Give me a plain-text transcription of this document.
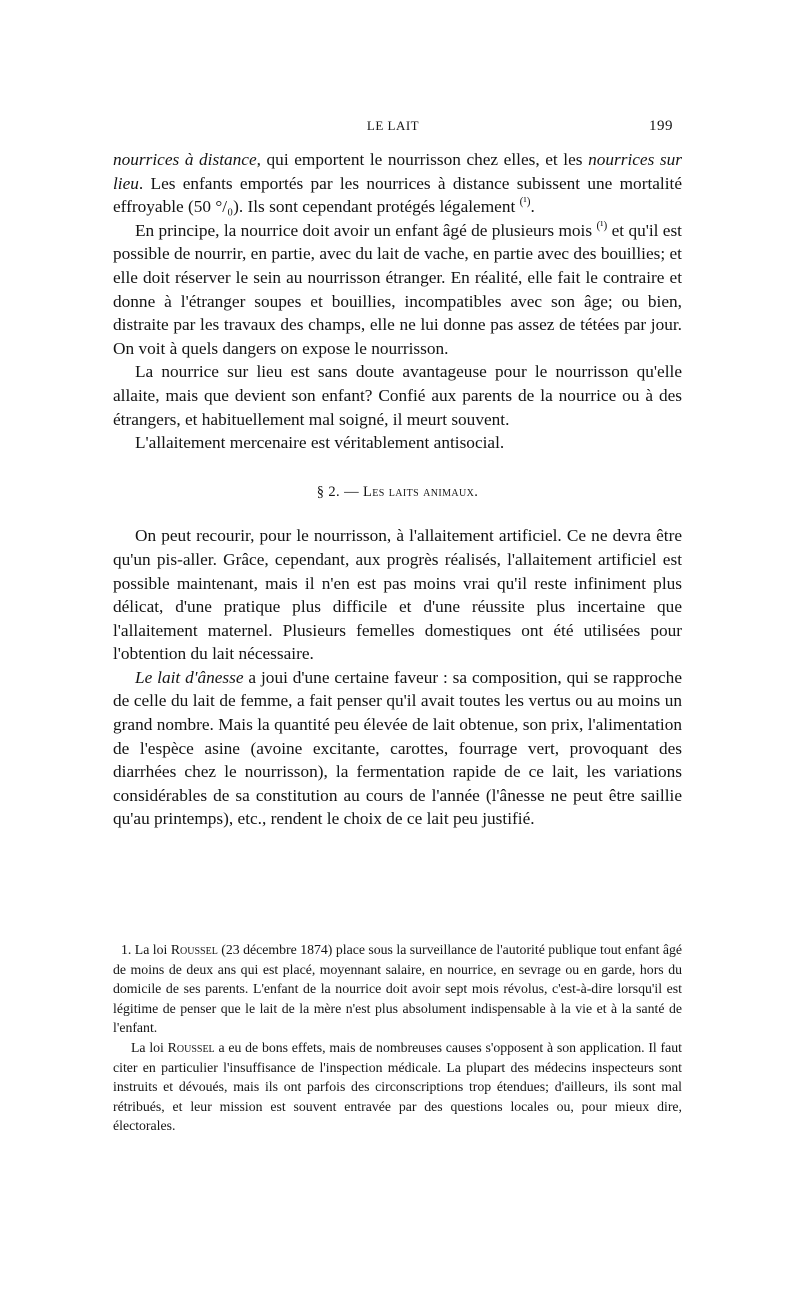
LE LAIT	199

nourrices à distance, qui emportent le nourrisson chez elles, et les nourrices sur lieu. Les enfants emportés par les nourrices à distance subissent une mortalité effroyable (50 °/₀). Ils sont cependant protégés légalement $^{(^1)}$.

En principe, la nourrice doit avoir un enfant âgé de plusieurs mois $^{(^1)}$ et qu'il est possible de nourrir, en partie, avec du lait de vache, en partie avec des bouillies; et elle doit réserver le sein au nourrisson étranger. En réalité, elle fait le contraire et donne à l'étranger soupes et bouillies, incompatibles avec son âge; ou bien, distraite par les travaux des champs, elle ne lui donne pas assez de tétées par jour. On voit à quels dangers on expose le nourrisson.

La nourrice sur lieu est sans doute avantageuse pour le nourrisson qu'elle allaite, mais que devient son enfant? Confié aux parents de la nourrice ou à des étrangers, et habituellement mal soigné, il meurt souvent.

L'allaitement mercenaire est véritablement antisocial.

§ 2. — Les laits animaux.

On peut recourir, pour le nourrisson, à l'allaitement artificiel. Ce ne devra être qu'un pis-aller. Grâce, cependant, aux progrès réalisés, l'allaitement artificiel est possible maintenant, mais il n'en est pas moins vrai qu'il reste infiniment plus délicat, d'une pratique plus difficile et d'une réussite plus incertaine que l'allaitement maternel. Plusieurs femelles domestiques ont été utilisées pour l'obtention du lait nécessaire.

Le lait d'ânesse a joui d'une certaine faveur : sa composition, qui se rapproche de celle du lait de femme, a fait penser qu'il avait toutes les vertus ou au moins un grand nombre. Mais la quantité peu élevée de lait obtenue, son prix, l'alimentation de l'espèce asine (avoine excitante, carottes, fourrage vert, provoquant des diarrhées chez le nourrisson), la fermentation rapide de ce lait, les variations considérables de sa constitution au cours de l'année (l'ânesse ne peut être saillie qu'au printemps), etc., rendent le choix de ce lait peu justifié.

1. La loi Roussel (23 décembre 1874) place sous la surveillance de l'autorité publique tout enfant âgé de moins de deux ans qui est placé, moyennant salaire, en nourrice, en sevrage ou en garde, hors du domicile de ses parents. L'enfant de la nourrice doit avoir sept mois révolus, c'est-à-dire lorsqu'il est légitime de penser que le lait de la mère n'est plus absolument indispensable à la vie et à la santé de l'enfant.

La loi Roussel a eu de bons effets, mais de nombreuses causes s'opposent à son application. Il faut citer en particulier l'insuffisance de l'inspection médicale. La plupart des médecins inspecteurs sont instruits et dévoués, mais ils ont parfois des circonscriptions trop étendues; d'ailleurs, ils sont mal rétribués, et leur mission est souvent entravée par des questions locales ou, pour mieux dire, électorales.
